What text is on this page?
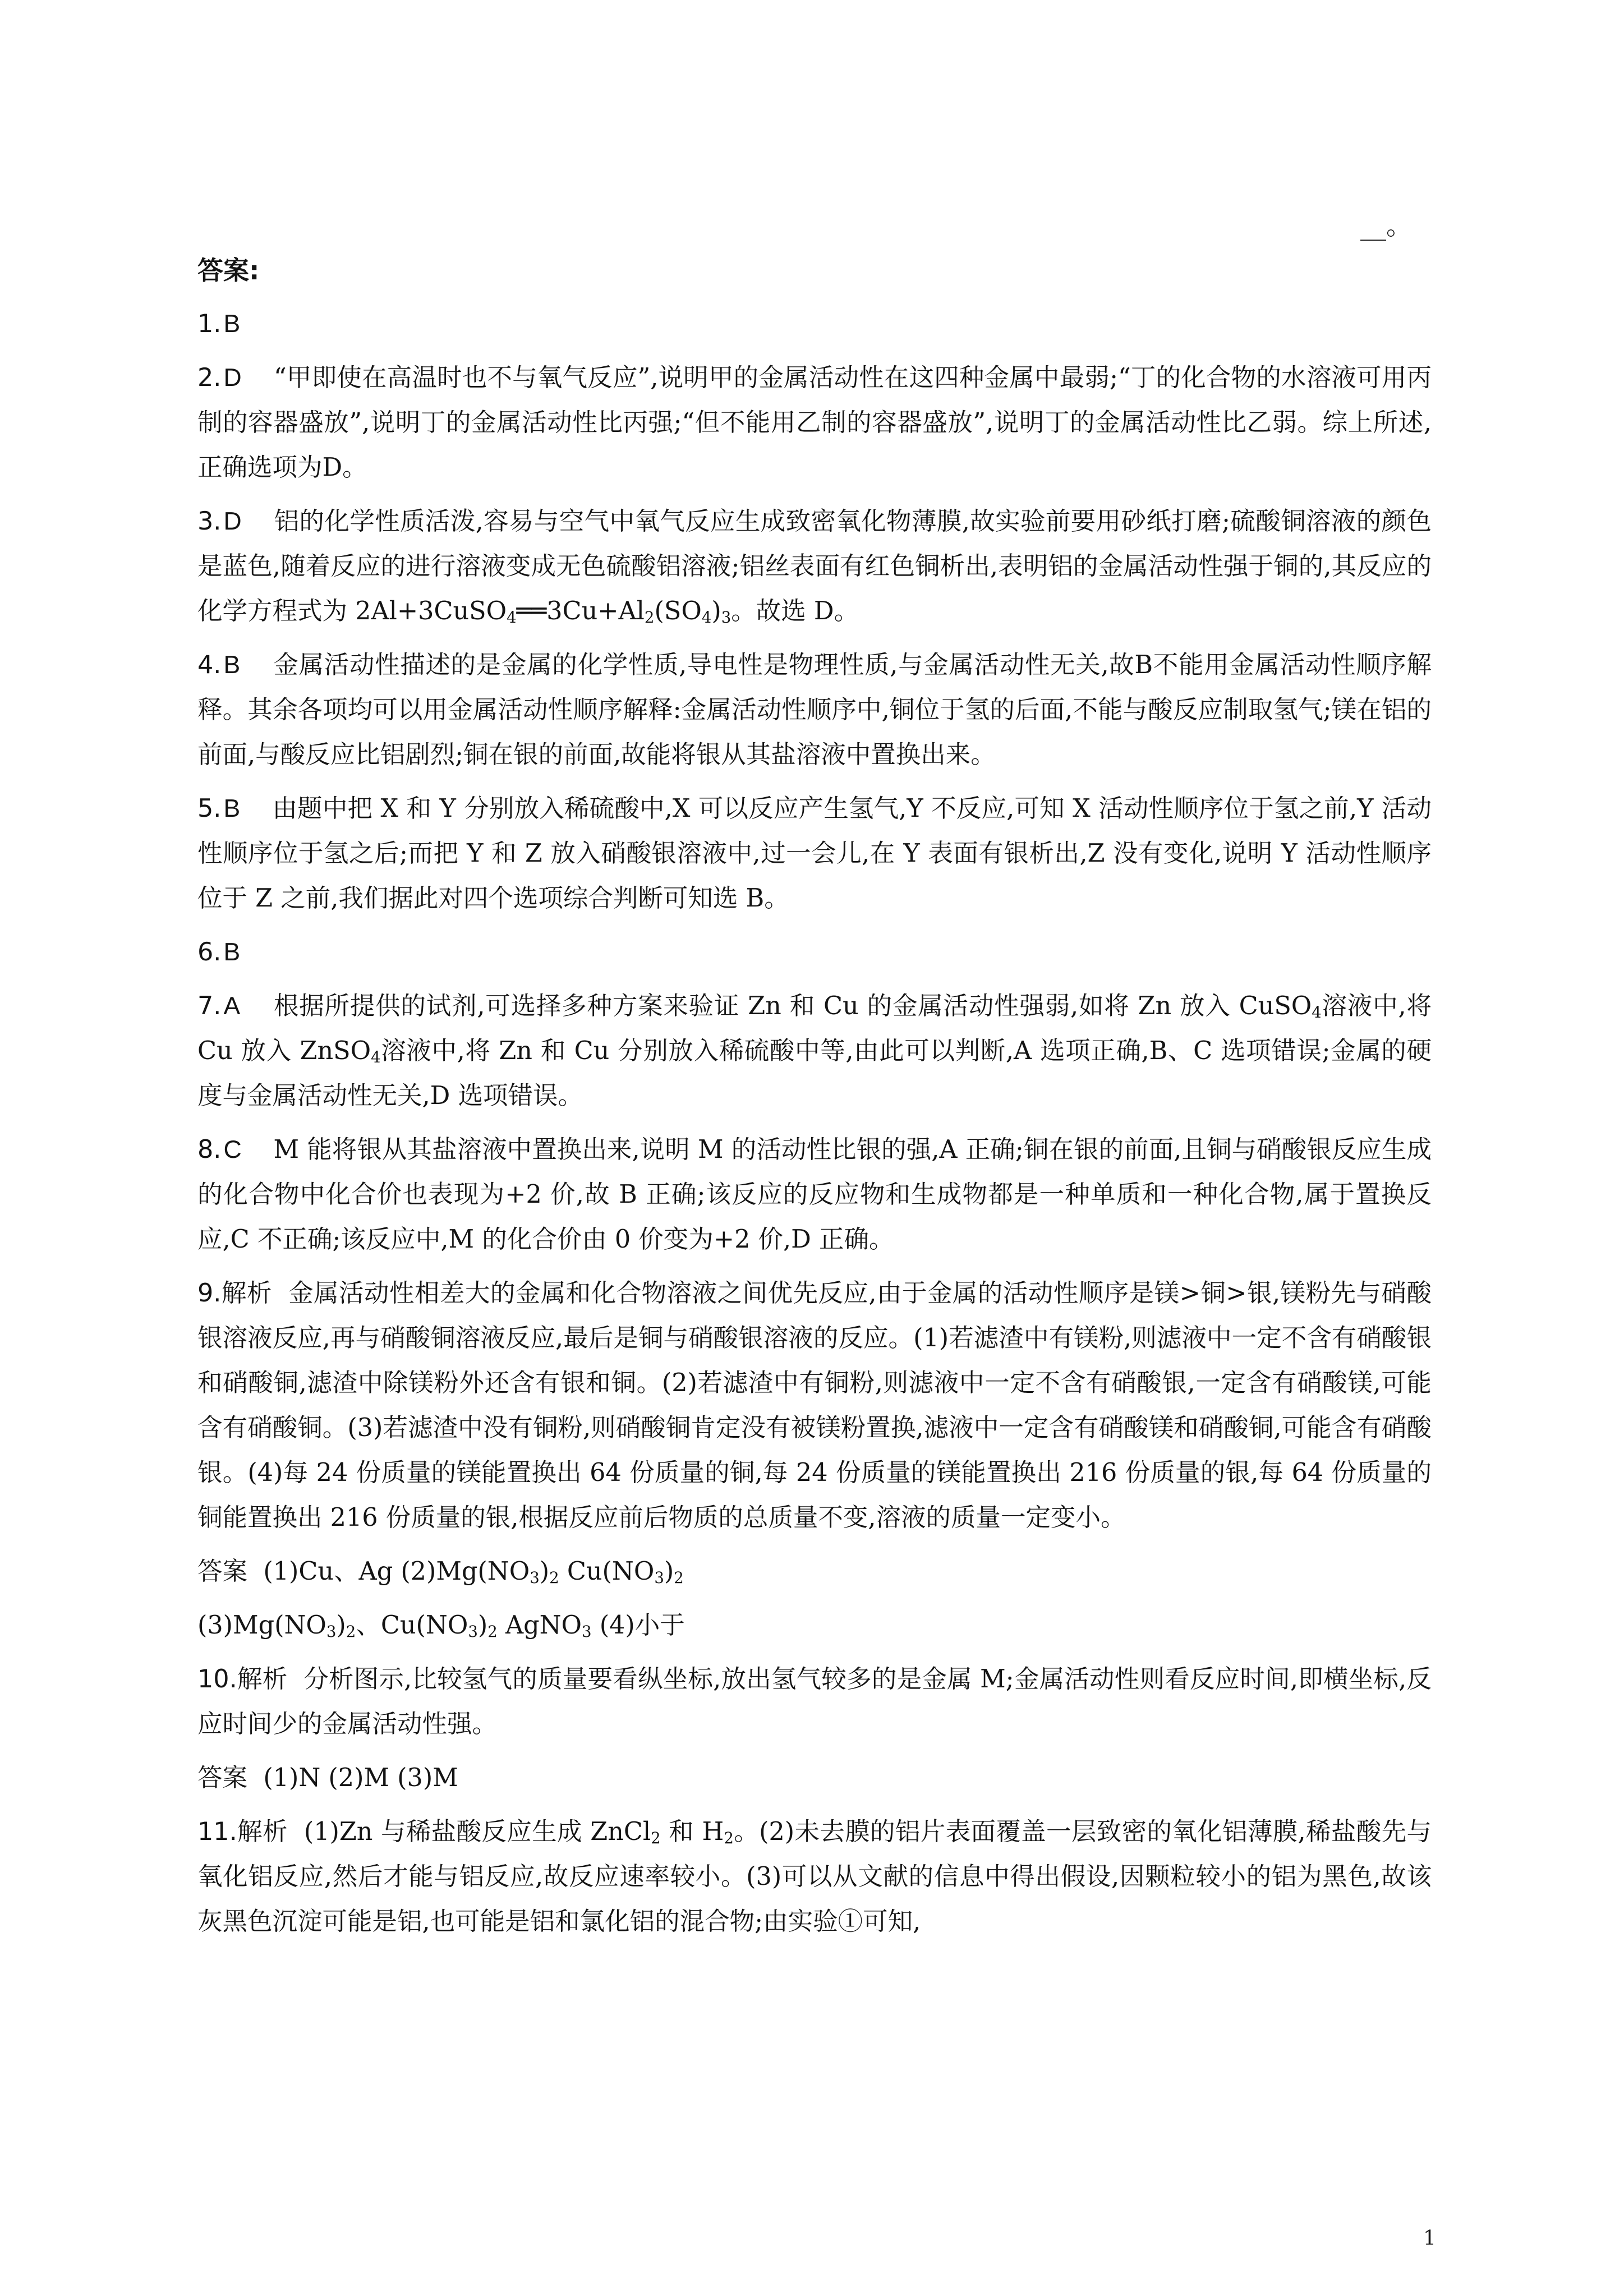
__。
答案:
1.B
2.D “甲即使在高温时也不与氧气反应”,说明甲的金属活动性在这四种金属中最弱;“丁的化合物的水溶液可用丙制的容器盛放”,说明丁的金属活动性比丙强;“但不能用乙制的容器盛放”,说明丁的金属活动性比乙弱。综上所述,正确选项为D。
3.D 铝的化学性质活泼,容易与空气中氧气反应生成致密氧化物薄膜,故实验前要用砂纸打磨;硫酸铜溶液的颜色是蓝色,随着反应的进行溶液变成无色硫酸铝溶液;铝丝表面有红色铜析出,表明铝的金属活动性强于铜的,其反应的化学方程式为 $2Al+3CuSO_4══3Cu+Al_2(SO_4)_3$。故选 D。
4.B 金属活动性描述的是金属的化学性质,导电性是物理性质,与金属活动性无关,故B不能用金属活动性顺序解释。其余各项均可以用金属活动性顺序解释:金属活动性顺序中,铜位于氢的后面,不能与酸反应制取氢气;镁在铝的前面,与酸反应比铝剧烈;铜在银的前面,故能将银从其盐溶液中置换出来。
5.B 由题中把 X 和 Y 分别放入稀硫酸中,X 可以反应产生氢气,Y 不反应,可知 X 活动性顺序位于氢之前,Y 活动性顺序位于氢之后;而把 Y 和 Z 放入硝酸银溶液中,过一会儿,在 Y 表面有银析出,Z 没有变化,说明 Y 活动性顺序位于 Z 之前,我们据此对四个选项综合判断可知选 B。
6.B
7.A 根据所提供的试剂,可选择多种方案来验证 Zn 和 Cu 的金属活动性强弱,如将 Zn 放入 CuSO$_4$溶液中,将 Cu 放入 ZnSO$_4$溶液中,将 Zn 和 Cu 分别放入稀硫酸中等,由此可以判断,A 选项正确,B、C 选项错误;金属的硬度与金属活动性无关,D 选项错误。
8.C M 能将银从其盐溶液中置换出来,说明 M 的活动性比银的强,A 正确;铜在银的前面,且铜与硝酸银反应生成的化合物中化合价也表现为+2 价,故 B 正确;该反应的反应物和生成物都是一种单质和一种化合物,属于置换反应,C 不正确;该反应中,M 的化合价由 0 价变为+2 价,D 正确。
9.解析 金属活动性相差大的金属和化合物溶液之间优先反应,由于金属的活动性顺序是镁>铜>银,镁粉先与硝酸银溶液反应,再与硝酸铜溶液反应,最后是铜与硝酸银溶液的反应。(1)若滤渣中有镁粉,则滤液中一定不含有硝酸银和硝酸铜,滤渣中除镁粉外还含有银和铜。(2)若滤渣中有铜粉,则滤液中一定不含有硝酸银,一定含有硝酸镁,可能含有硝酸铜。(3)若滤渣中没有铜粉,则硝酸铜肯定没有被镁粉置换,滤液中一定含有硝酸镁和硝酸铜,可能含有硝酸银。(4)每 24 份质量的镁能置换出 64 份质量的铜,每 24 份质量的镁能置换出 216 份质量的银,每 64 份质量的铜能置换出 216 份质量的银,根据反应前后物质的总质量不变,溶液的质量一定变小。
答案 (1)Cu、Ag $(2)Mg(NO_3)_2$ $Cu(NO_3)_2$
$(3)Mg(NO_3)_2$、$Cu(NO_3)_2$ AgNO$_3$ (4)小于
10.解析 分析图示,比较氢气的质量要看纵坐标,放出氢气较多的是金属 M;金属活动性则看反应时间,即横坐标,反应时间少的金属活动性强。
答案 (1)N (2)M (3)M
11.解析 (1)Zn 与稀盐酸反应生成 ZnCl$_2$ 和 $H_2$。(2)未去膜的铝片表面覆盖一层致密的氧化铝薄膜,稀盐酸先与氧化铝反应,然后才能与铝反应,故反应速率较小。(3)可以从文献的信息中得出假设,因颗粒较小的铝为黑色,故该灰黑色沉淀可能是铝,也可能是铝和氯化铝的混合物;由实验①可知,
1
